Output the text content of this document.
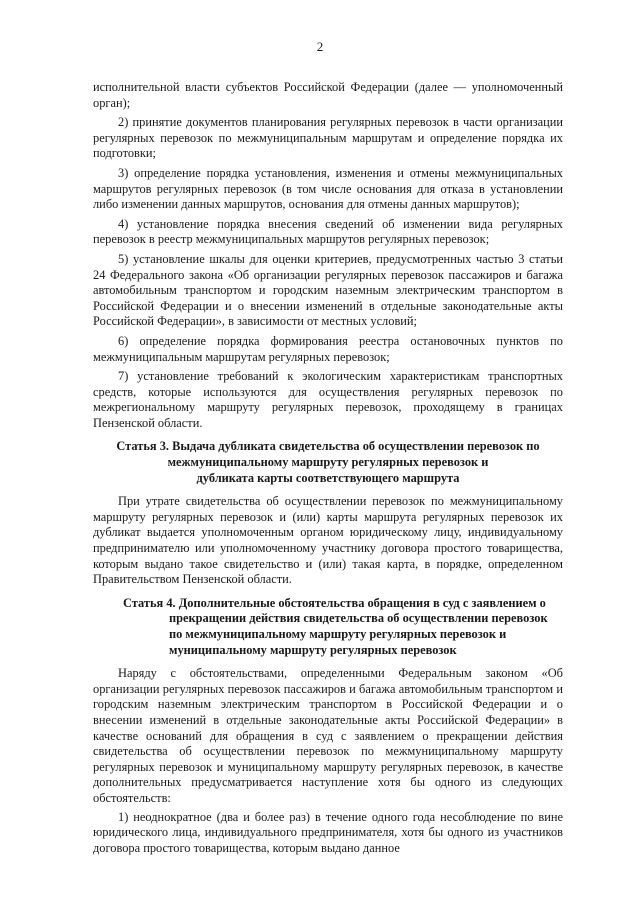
2

исполнительной власти субъектов Российской Федерации (далее — уполномоченный орган);

2) принятие документов планирования регулярных перевозок в части организации регулярных перевозок по межмуниципальным маршрутам и определение порядка их подготовки;

3) определение порядка установления, изменения и отмены межмуниципальных маршрутов регулярных перевозок (в том числе основания для отказа в установлении либо изменении данных маршрутов, основания для отмены данных маршрутов);

4) установление порядка внесения сведений об изменении вида регулярных перевозок в реестр межмуниципальных маршрутов регулярных перевозок;

5) установление шкалы для оценки критериев, предусмотренных частью 3 статьи 24 Федерального закона «Об организации регулярных перевозок пассажиров и багажа автомобильным транспортом и городским наземным электрическим транспортом в Российской Федерации и о внесении изменений в отдельные законодательные акты Российской Федерации», в зависимости от местных условий;

6) определение порядка формирования реестра остановочных пунктов по межмуниципальным маршрутам регулярных перевозок;

7) установление требований к экологическим характеристикам транспортных средств, которые используются для осуществления регулярных перевозок по межрегиональному маршруту регулярных перевозок, проходящему в границах Пензенской области.

Статья 3. Выдача дубликата свидетельства об осуществлении перевозок по
межмуниципальному маршруту регулярных перевозок и
дубликата карты соответствующего маршрута

При утрате свидетельства об осуществлении перевозок по межмуниципальному маршруту регулярных перевозок и (или) карты маршрута регулярных перевозок их дубликат выдается уполномоченным органом юридическому лицу, индивидуальному предпринимателю или уполномоченному участнику договора простого товарищества, которым выдано такое свидетельство и (или) такая карта, в порядке, определенном Правительством Пензенской области.

Статья 4. Дополнительные обстоятельства обращения в суд с заявлением о
прекращении действия свидетельства об осуществлении перевозок
по межмуниципальному маршруту регулярных перевозок и
муниципальному маршруту регулярных перевозок

Наряду с обстоятельствами, определенными Федеральным законом «Об организации регулярных перевозок пассажиров и багажа автомобильным транспортом и городским наземным электрическим транспортом в Российской Федерации и о внесении изменений в отдельные законодательные акты Российской Федерации» в качестве оснований для обращения в суд с заявлением о прекращении действия свидетельства об осуществлении перевозок по межмуниципальному маршруту регулярных перевозок и муниципальному маршруту регулярных перевозок, в качестве дополнительных предусматривается наступление хотя бы одного из следующих обстоятельств:

1) неоднократное (два и более раз) в течение одного года несоблюдение по вине юридического лица, индивидуального предпринимателя, хотя бы одного из участников договора простого товарищества, которым выдано данное
